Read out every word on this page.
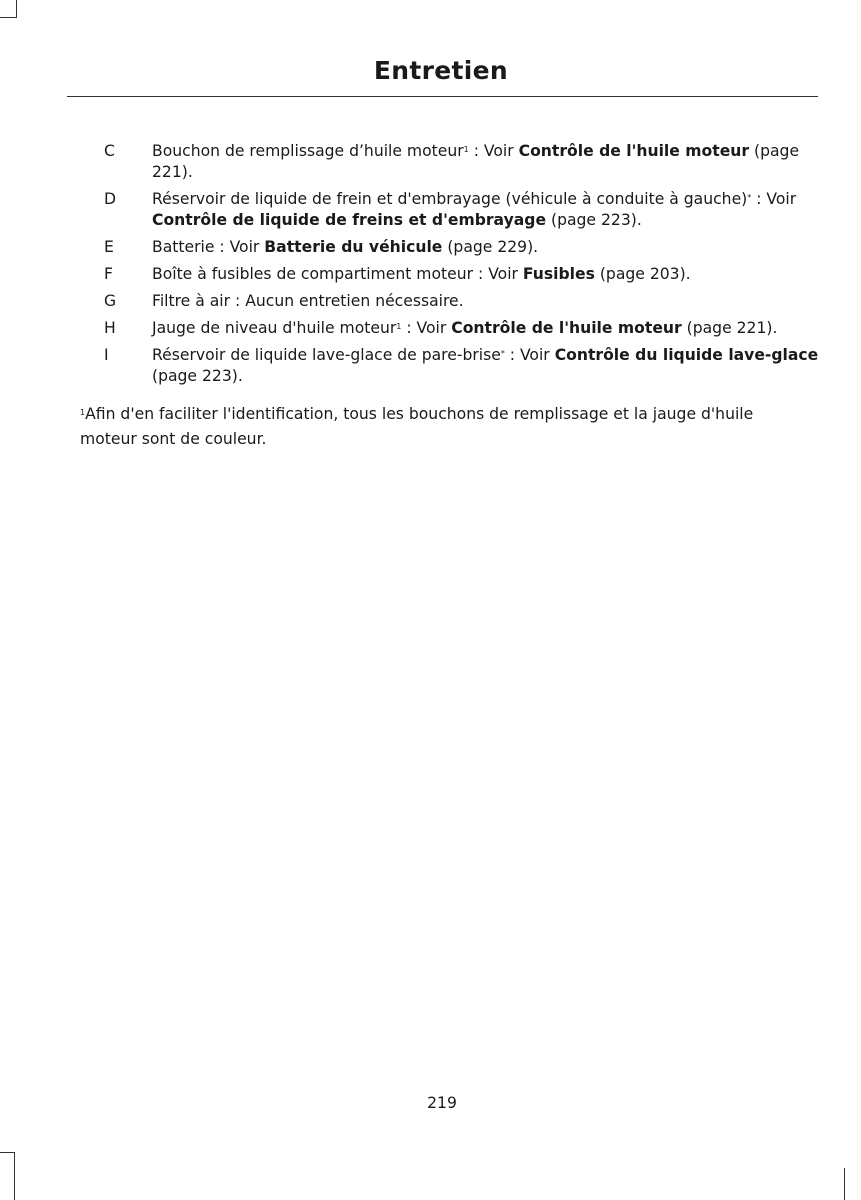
Entretien
C	Bouchon de remplissage d’huile moteur$^1$ : Voir Contrôle de l'huile moteur (page 221).
D	Réservoir de liquide de frein et d'embrayage (véhicule à conduite à gauche)* : Voir Contrôle de liquide de freins et d'embrayage (page 223).
E	Batterie : Voir Batterie du véhicule (page 229).
F	Boîte à fusibles de compartiment moteur : Voir Fusibles (page 203).
G	Filtre à air : Aucun entretien nécessaire.
H	Jauge de niveau d'huile moteur$^1$ : Voir Contrôle de l'huile moteur (page 221).
I	Réservoir de liquide lave-glace de pare-brise* : Voir Contrôle du liquide lave-glace (page 223).
$^1$Afin d'en faciliter l'identification, tous les bouchons de remplissage et la jauge d'huile moteur sont de couleur.
219
